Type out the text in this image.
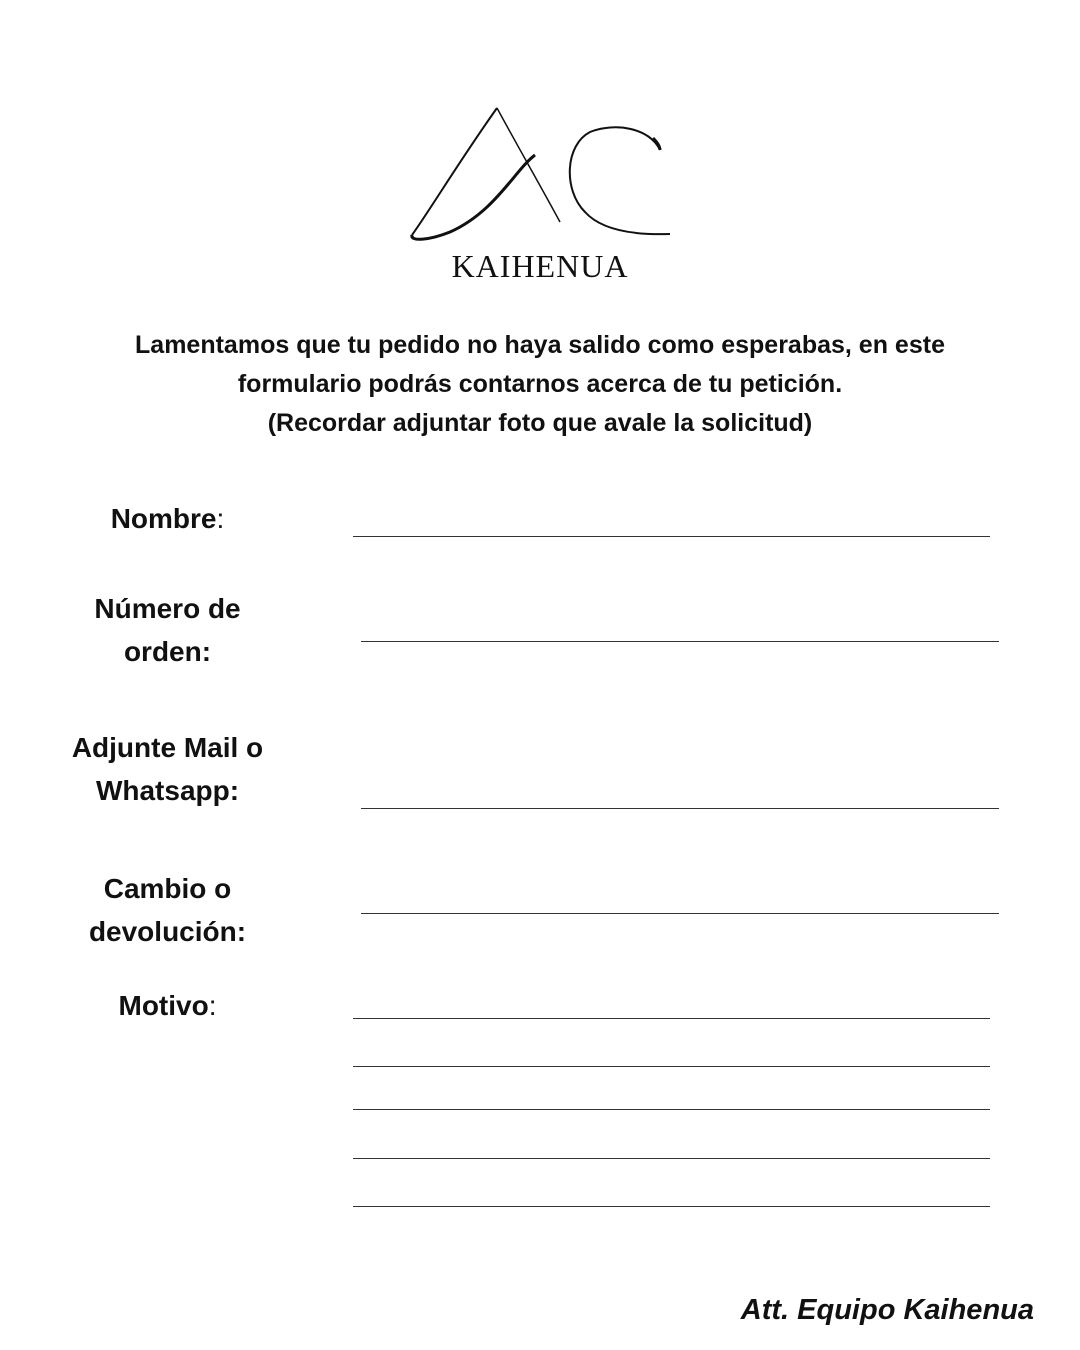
KAIHENUA

Lamentamos que tu pedido no haya salido como esperabas, en este

formulario podrás contarnos acerca de tu petición.

(Recordar adjuntar foto que avale la solicitud)

Nombre:
Número de
orden:
Adjunte Mail o
Whatsapp:
Cambio o
devolución:
Motivo:
Att. Equipo Kaihenua
